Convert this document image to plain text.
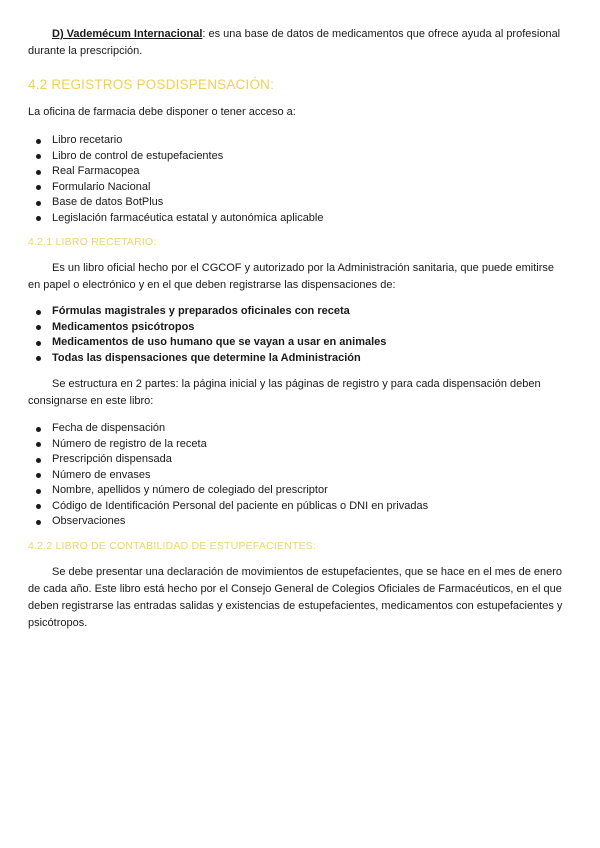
D) Vademécum Internacional: es una base de datos de medicamentos que ofrece ayuda al profesional durante la prescripción.

4.2 REGISTROS POSDISPENSACIÓN:

La oficina de farmacia debe disponer o tener acceso a:

Libro recetario
Libro de control de estupefacientes
Real Farmacopea
Formulario Nacional
Base de datos BotPlus
Legislación farmacéutica estatal y autonómica aplicable
4.2.1 LIBRO RECETARIO:

Es un libro oficial hecho por el CGCOF y autorizado por la Administración sanitaria, que puede emitirse en papel o electrónico y en el que deben registrarse las dispensaciones de:

Fórmulas magistrales y preparados oficinales con receta
Medicamentos psicótropos
Medicamentos de uso humano que se vayan a usar en animales
Todas las dispensaciones que determine la Administración

Se estructura en 2 partes: la página inicial y las páginas de registro y para cada dispensación deben consignarse en este libro:

Fecha de dispensación
Número de registro de la receta
Prescripción dispensada
Número de envases
Nombre, apellidos y número de colegiado del prescriptor
Código de Identificación Personal del paciente en públicas o DNI en privadas
Observaciones
4.2.2 LIBRO DE CONTABILIDAD DE ESTUPEFACIENTES:

Se debe presentar una declaración de movimientos de estupefacientes, que se hace en el mes de enero de cada año. Este libro está hecho por el Consejo General de Colegios Oficiales de Farmacéuticos, en el que deben registrarse las entradas salidas y existencias de estupefacientes, medicamentos con estupefacientes y psicótropos.
